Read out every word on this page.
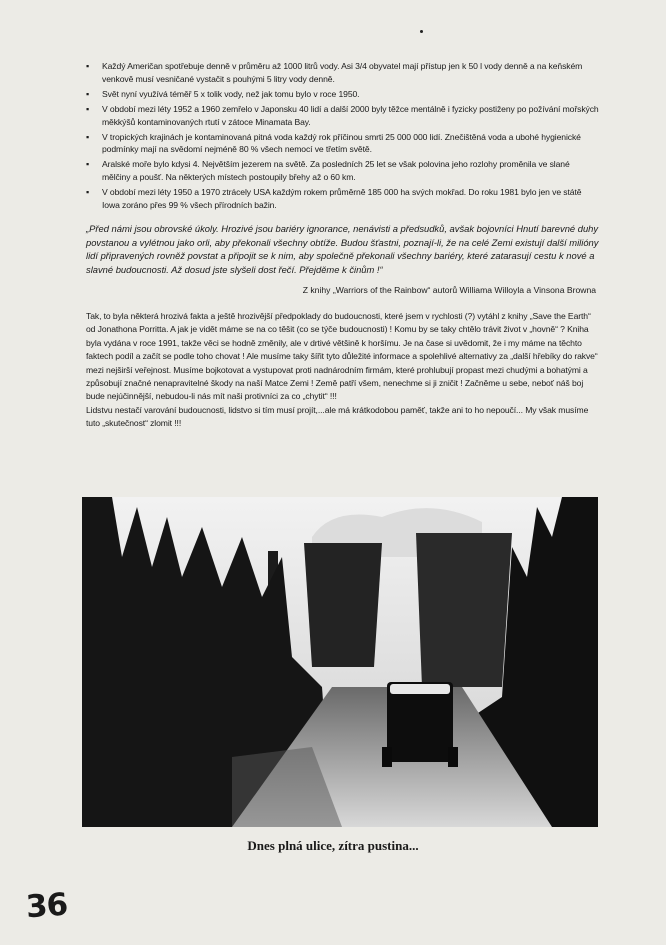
▪ Každý Američan spotřebuje denně v průměru až 1000 litrů vody. Asi 3/4 obyvatel mají přístup jen k 50 l vody denně a na keňském venkově musí vesničané vystačit s pouhými 5 litry vody denně.
▪ Svět nyní využívá téměř 5 x tolik vody, než jak tomu bylo v roce 1950.
▪ V období mezi léty 1952 a 1960 zemřelo v Japonsku 40 lidí a další 2000 byly těžce mentálně i fyzicky postiženy po požívání mořských měkkýšů kontaminovaných rtutí v zátoce Minamata Bay.
▪ V tropických krajinách je kontaminovaná pitná voda každý rok příčinou smrti 25 000 000 lidí. Znečištěná voda a ubohé hygienické podmínky mají na svědomí nejméně 80 % všech nemocí ve třetím světě.
▪ Aralské moře bylo kdysi 4. Největším jezerem na světě. Za posledních 25 let se však polovina jeho rozlohy proměnila ve slané mělčiny a poušť. Na některých místech postoupily břehy až o 60 km.
▪ V období mezi léty 1950 a 1970 ztrácely USA každým rokem průměrně 185 000 ha svých mokřad. Do roku 1981 bylo jen ve státě Iowa zoráno přes 99 % všech přírodních bažin.

„Před námi jsou obrovské úkoly. Hrozivé jsou bariéry ignorance, nenávisti a předsudků, avšak bojovníci Hnutí barevné duhy povstanou a vylétnou jako orli, aby překonali všechny obtíže. Budou šťastni, poznají-li, že na celé Zemi existují další milióny lidí připravených rovněž povstat a připojit se k nim, aby společně překonali všechny bariéry, které zatarasují cestu k nové a slavné budoucnosti. Až dosud jste slyšeli dost řečí. Přejděme k činům !“

Z knihy „Warriors of the Rainbow“ autorů Williama Willoyla a Vinsona Browna

Tak, to byla některá hrozivá fakta a ještě hrozivější předpoklady do budoucnosti, které jsem v rychlosti (?) vytáhl z knihy „Save the Earth“ od Jonathona Porritta. A jak je vidět máme se na co těšit (co se týče budoucnosti) ! Komu by se taky chtělo trávit život v „hovně“ ? Kniha byla vydána v roce 1991, takže věci se hodně změnily, ale v drtivé většině k horšímu. Je na čase si uvědomit, že i my máme na těchto faktech podíl a začít se podle toho chovat ! Ale musíme taky šířit tyto důležité informace a spolehlivé alternativy za „další hřebíky do rakve“ mezi nejširší veřejnost. Musíme bojkotovat a vystupovat proti nadnárodním firmám, které prohlubují propast mezi chudými a bohatými a způsobují značné nenapravitelné škody na naší Matce Zemi ! Země patří všem, nenechme si ji zničit ! Začněme u sebe, neboť náš boj bude nejúčinnější, nebudou-li nás mít naši protivníci za co „chytit“ !!!

Lidstvu nestačí varování budoucnosti, lidstvo si tím musí projít,...ale má krátkodobou paměť, takže ani to ho nepoučí... My však musíme tuto „skutečnost“ zlomit !!!

Dnes plná ulice, zítra pustina...
36
